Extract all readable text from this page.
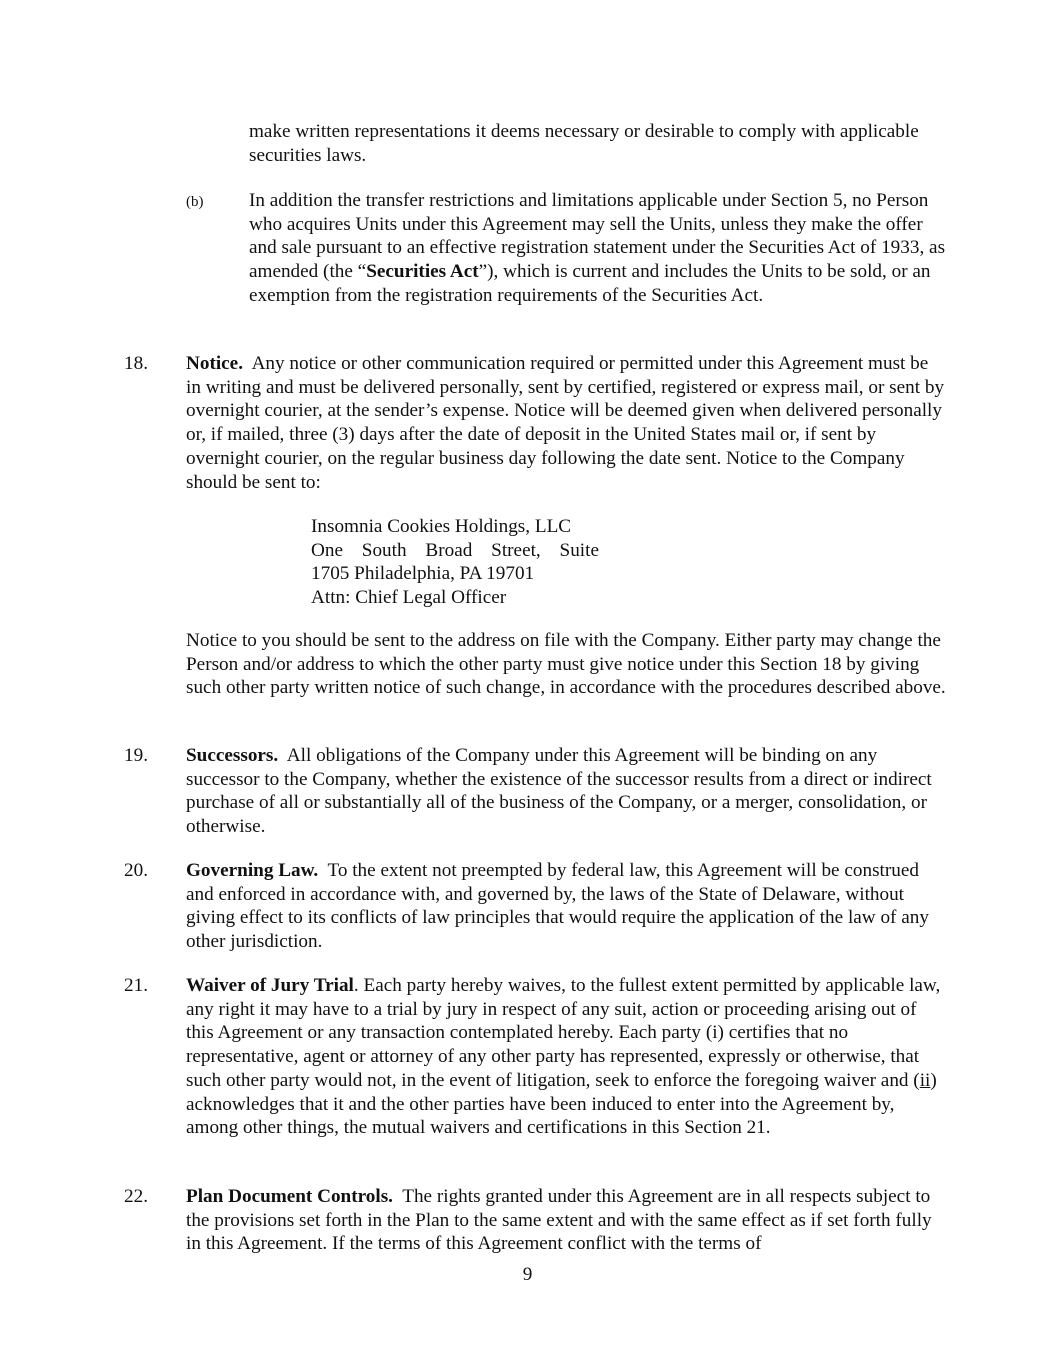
make written representations it deems necessary or desirable to comply with applicable securities laws.

(b) In addition the transfer restrictions and limitations applicable under Section 5, no Person who acquires Units under this Agreement may sell the Units, unless they make the offer and sale pursuant to an effective registration statement under the Securities Act of 1933, as amended (the “Securities Act”), which is current and includes the Units to be sold, or an exemption from the registration requirements of the Securities Act.

18. Notice. Any notice or other communication required or permitted under this Agreement must be in writing and must be delivered personally, sent by certified, registered or express mail, or sent by overnight courier, at the sender’s expense. Notice will be deemed given when delivered personally or, if mailed, three (3) days after the date of deposit in the United States mail or, if sent by overnight courier, on the regular business day following the date sent. Notice to the Company should be sent to:

Insomnia Cookies Holdings, LLC
One South Broad Street, Suite
1705 Philadelphia, PA 19701
Attn: Chief Legal Officer

Notice to you should be sent to the address on file with the Company. Either party may change the Person and/or address to which the other party must give notice under this Section 18 by giving such other party written notice of such change, in accordance with the procedures described above.

19. Successors. All obligations of the Company under this Agreement will be binding on any successor to the Company, whether the existence of the successor results from a direct or indirect purchase of all or substantially all of the business of the Company, or a merger, consolidation, or otherwise.

20. Governing Law. To the extent not preempted by federal law, this Agreement will be construed and enforced in accordance with, and governed by, the laws of the State of Delaware, without giving effect to its conflicts of law principles that would require the application of the law of any other jurisdiction.

21. Waiver of Jury Trial. Each party hereby waives, to the fullest extent permitted by applicable law, any right it may have to a trial by jury in respect of any suit, action or proceeding arising out of this Agreement or any transaction contemplated hereby. Each party (i) certifies that no representative, agent or attorney of any other party has represented, expressly or otherwise, that such other party would not, in the event of litigation, seek to enforce the foregoing waiver and (ii) acknowledges that it and the other parties have been induced to enter into the Agreement by, among other things, the mutual waivers and certifications in this Section 21.

22. Plan Document Controls. The rights granted under this Agreement are in all respects subject to the provisions set forth in the Plan to the same extent and with the same effect as if set forth fully in this Agreement. If the terms of this Agreement conflict with the terms of

9
